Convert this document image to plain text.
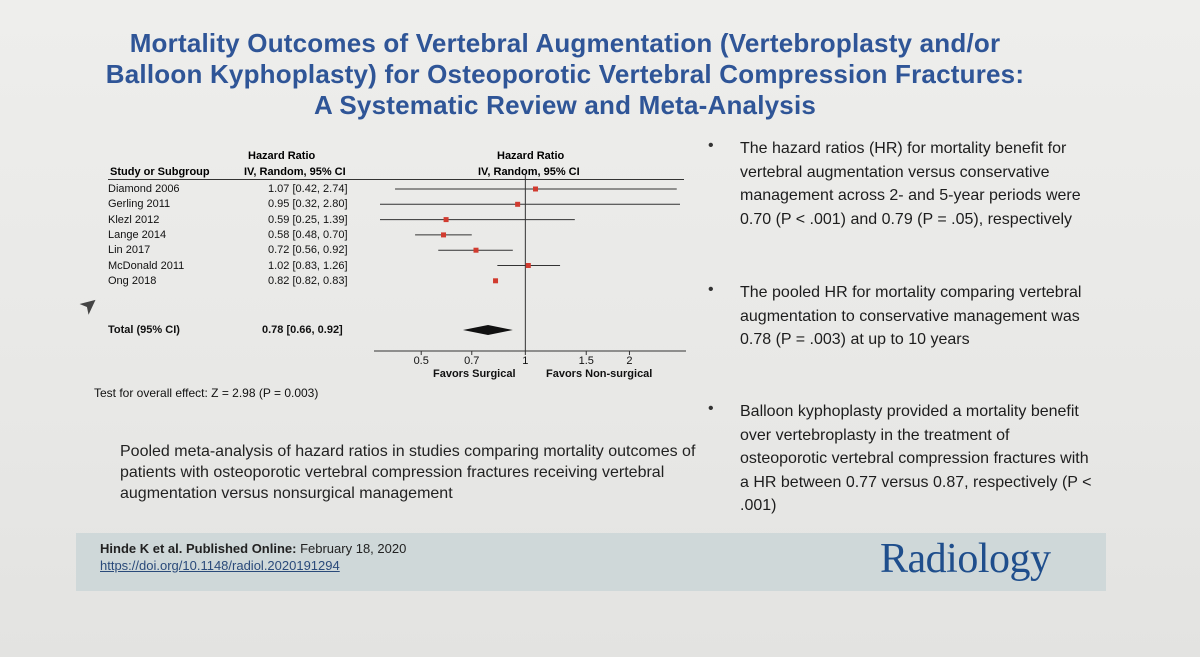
Mortality Outcomes of Vertebral Augmentation (Vertebroplasty and/or
Balloon Kyphoplasty) for Osteoporotic Vertebral Compression Fractures:
A Systematic Review and Meta-Analysis
Hazard Ratio
Study or Subgroup	IV, Random, 95% CI
Hazard Ratio
IV, Random, 95% CI
Diamond 2006	1.07 [0.42, 2.74]
Gerling 2011	0.95 [0.32, 2.80]
Klezl 2012	0.59 [0.25, 1.39]
Lange 2014	0.58 [0.48, 0.70]
Lin 2017	0.72 [0.56, 0.92]
McDonald 2011	1.02 [0.83, 1.26]
Ong 2018	0.82 [0.82, 0.83]
Total (95% CI)	0.78 [0.66, 0.92]
0.5	0.7	1	1.5	2
Favors Surgical	Favors Non-surgical
Test for overall effect: Z = 2.98 (P = 0.003)
➤
Pooled meta-analysis of hazard ratios in studies comparing mortality outcomes of patients with osteoporotic vertebral compression fractures receiving vertebral augmentation versus nonsurgical management
• The hazard ratios (HR) for mortality benefit for vertebral augmentation versus conservative management across 2- and 5-year periods were 0.70 (P < .001) and 0.79 (P = .05), respectively
• The pooled HR for mortality comparing vertebral augmentation to conservative management was 0.78 (P = .003) at up to 10 years
• Balloon kyphoplasty provided a mortality benefit over vertebroplasty in the treatment of osteoporotic vertebral compression fractures with a HR between 0.77 versus 0.87, respectively (P < .001)
Hinde K et al. Published Online: February 18, 2020
https://doi.org/10.1148/radiol.2020191294	Radiology
